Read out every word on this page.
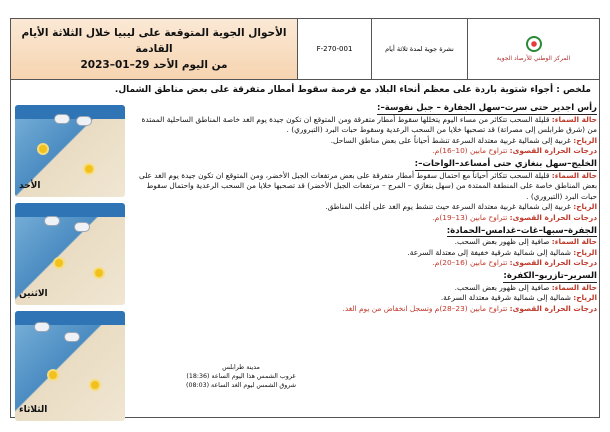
الأحوال الجوية المتوقعة على ليبيا خلال الثلاثة الأيام القادمة
من اليوم الأحد 29–01–2023
F-270-001	نشرة جوية لمدة ثلاثة أيام
المركز الوطني للأرصاد الجوية
ملخص : أجواء شتوية باردة على معظم أنحاء البلاد مع فرصة سقوط أمطار متفرقة على بعض مناطق الشمال.
الأحد
الاثنين
الثلاثاء
رأس اجدير حتى سرت–سهل الجفارة – جبل نفوسة–:

حالة السماء: قليلة السحب تتكاثر من مساء اليوم يتخللها سقوط أمطار متفرقة ومن المتوقع ان تكون جيدة يوم الغد خاصة المناطق الساحلية الممتدة من (شرق طرابلس إلى مصراتة) قد تصحبها خلايا من السحب الرعدية وسقوط حبات البرد (التبروري) .

الرياح: غربية إلى شمالية غربية معتدلة السرعة تنشط أحياناً على بعض مناطق الساحل.

درجات الحرارة القصوى: تتراوح مابين (10–16)م.

الخليج–سهل بنغازي حتى أمساعد–الواحات–:

حالة السماء: قليلة السحب تتكاثر أحياناً مع احتمال سقوط أمطار متفرقة على بعض مرتفعات الجبل الأخضر، ومن المتوقع ان تكون جيدة يوم الغد على بعض المناطق خاصة على المنطقة الممتدة من (سهل بنغازي – المرج – مرتفعات الجبل الأخضر) قد تصحبها خلايا من السحب الرعدية واحتمال سقوط حبات البرد (التبروري) .

الرياح: غربية إلى شمالية غربية معتدلة السرعة حيث تنشط يوم الغد على أغلب المناطق.

درجات الحرارة القصوى: تتراوح مابين (13–19)م.

الجفرة–سبها–غات–غدامس–الحمادة:

حالة السماء: صافية إلى ظهور بعض السحب.

الرياح: شمالية إلى شمالية شرقية خفيفة إلى معتدلة السرعة.

درجات الحرارة القصوى: تتراوح مابين (16–20)م.

السرير–تازربو–الكفرة:

حالة السماء: صافية إلى ظهور بعض السحب.

الرياح: شمالية إلى شمالية شرقية معتدلة السرعة.

درجات الحرارة القصوى: تتراوح مابين (23–28)م وتسجل انخفاض من يوم الغد.

مدينة طرابلس
غروب الشمس هذا اليوم الساعة (18:36)
شروق الشمس ليوم الغد الساعة (08:03)
